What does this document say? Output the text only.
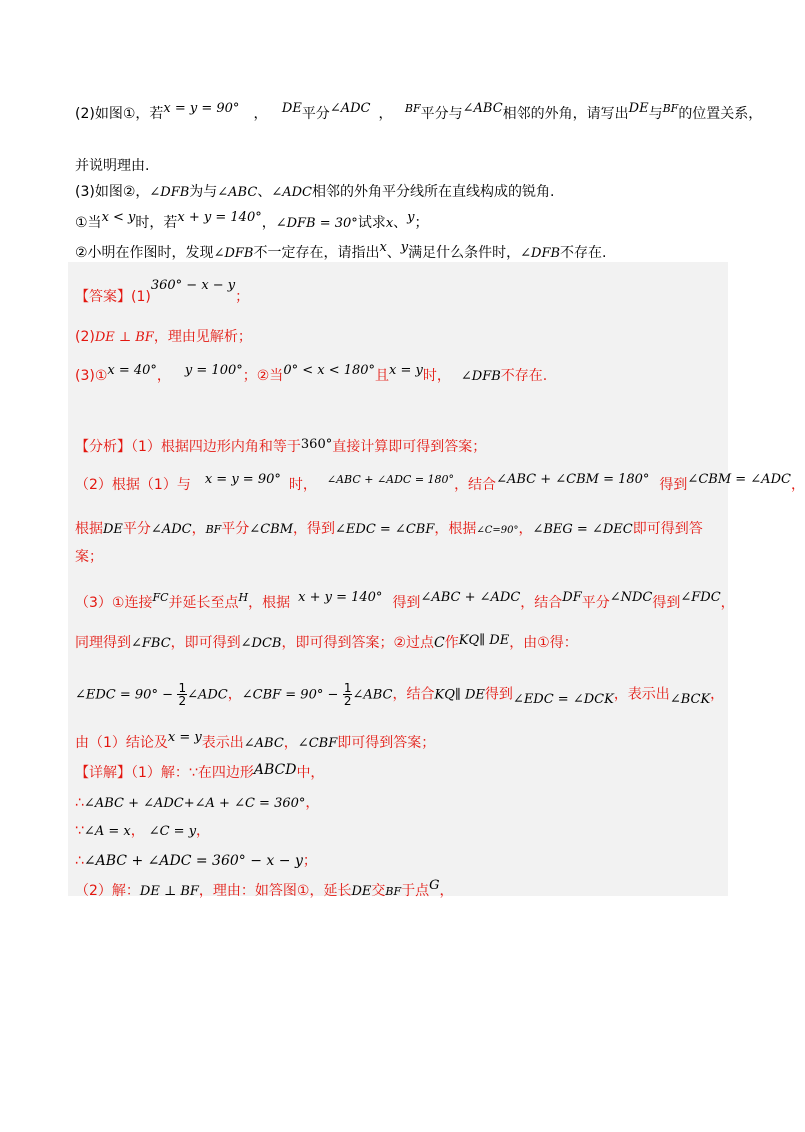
(2)如图①，若x = y = 90° ， DE平分∠ADC ， $^{BF}$平分与∠ABC相邻的外角，请写出DE与$^{BF}$的位置关系，
并说明理由.
(3)如图②，∠DFB为与∠ABC、∠ADC相邻的外角平分线所在直线构成的锐角.
①当x < y时，若x + y = 140°，∠DFB = 30°试求x、y；
②小明在作图时，发现∠DFB不一定存在，请指出x、y满足什么条件时，∠DFB不存在.
【答案】(1)360° − x − y；
(2)DE ⊥ BF，理由见解析；
(3)①x = 40°， y = 100°；②当0° < x < 180°且x = y时， ∠DFB不存在.
【分析】（1）根据四边形内角和等于360°直接计算即可得到答案；
（2）根据（1）与 x = y = 90° 时， $^{\angle ABC + \angle ADC = 180^\circ}$，结合∠ABC + ∠CBM = 180° 得到∠CBM = ∠ADC，
根据DE平分∠ADC，BF平分∠CBM，得到∠EDC = ∠CBF，根据∠C=90°，∠BEG = ∠DEC即可得到答
案；
（3）①连接$^{FC}$并延长至点$^H$，根据 x + y = 140° 得到∠ABC + ∠ADC，结合DF平分∠NDC得到∠FDC，
同理得到∠FBC，即可得到∠DCB，即可得到答案；②过点C作KQ∥ DE，由①得：
∠EDC = $90^\circ - \frac{1}{2}$ ∠ADC，∠CBF = $90^\circ - \frac{1}{2}$ ∠ABC，结合KQ∥ DE得到∠EDC = ∠DCK，表示出∠BCK，
由（1）结论及x = y表示出∠ABC，∠CBF即可得到答案；
【详解】（1）解：∵在四边形ABCD中，
∴∠ABC + ∠ADC+∠A + ∠C = 360°，
∵∠A = x， ∠C = y，
∴∠ABC + ∠ADC = 360° − x − y；
（2）解：DE ⊥ BF，理由：如答图①，延长DE交BF于点G，
